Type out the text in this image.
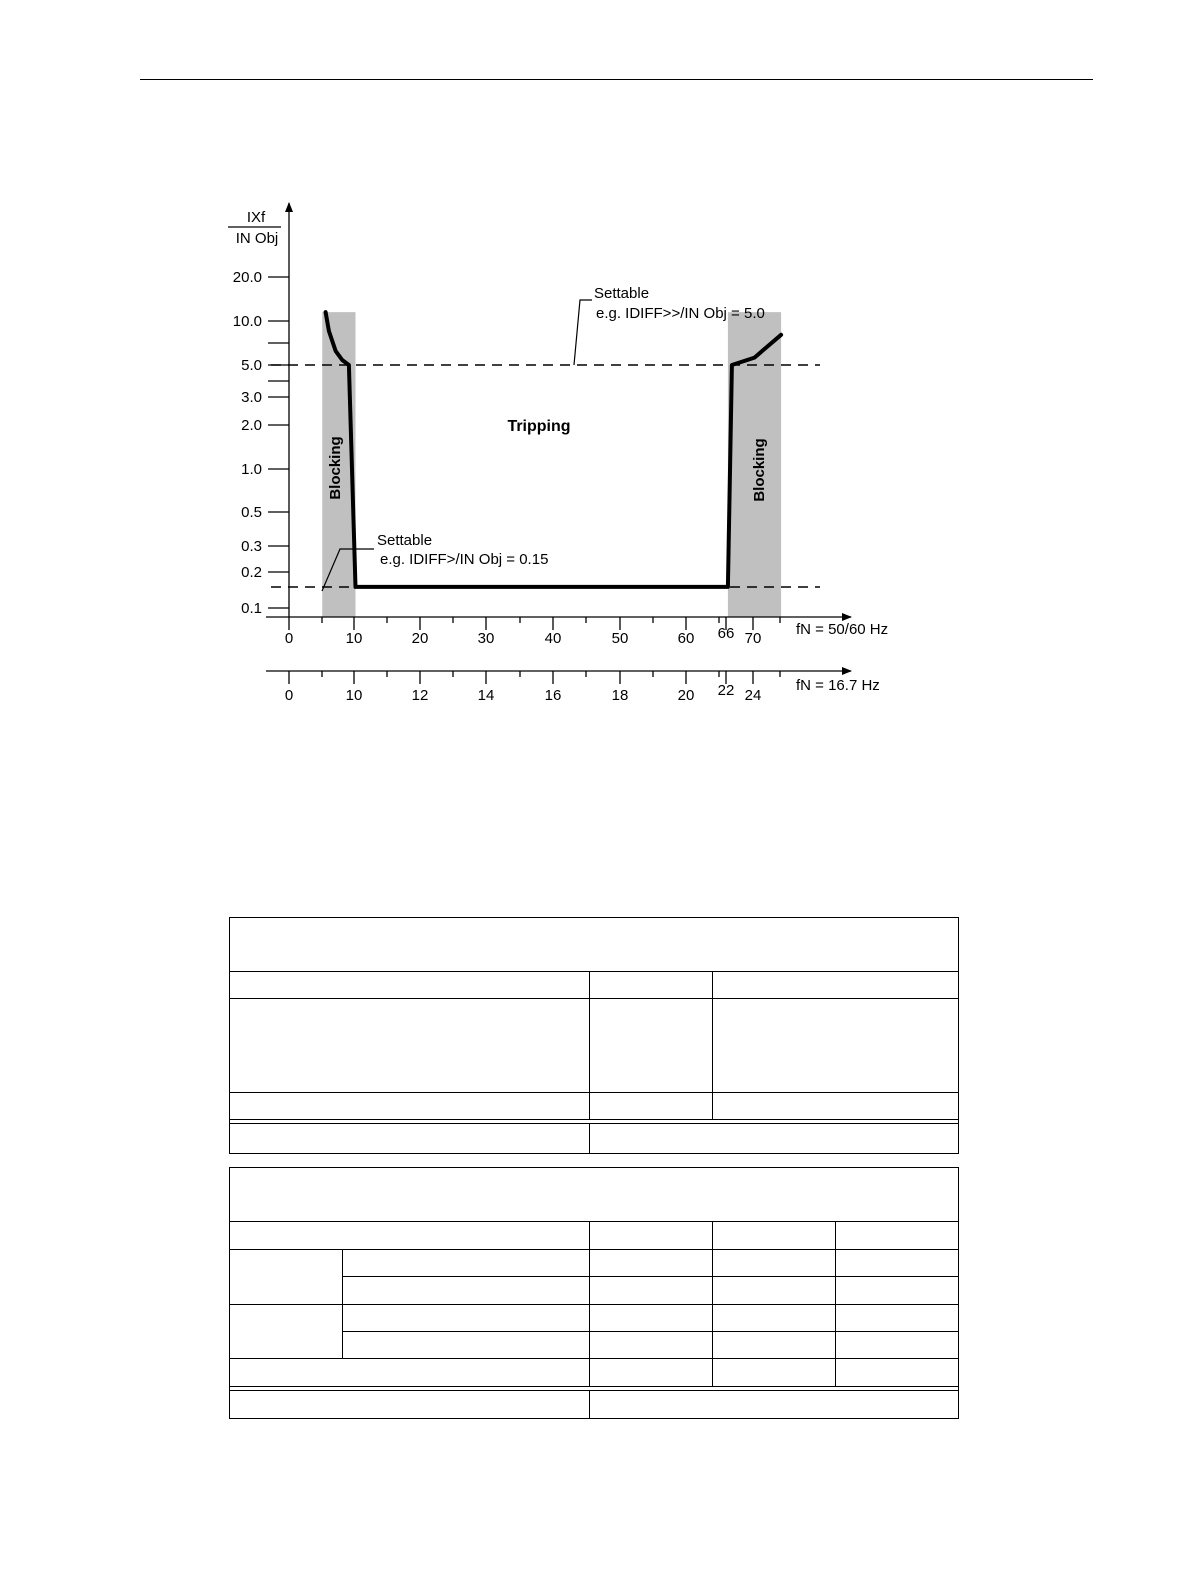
IXf
IN Obj
20.0
10.0
5.0
3.0
2.0
1.0
0.5
0.3
0.2
0.1
0	10	20	30	40	50	60 66 70
0	10	12	14	16	18	20 22 24
Settable
e.g. IDIFF>>/IN Obj = 5.0
Settable
e.g. IDIFF>/IN Obj = 0.15
Tripping
Blocking	Blocking
fN = 50/60 Hz
fN = 16.7 Hz
